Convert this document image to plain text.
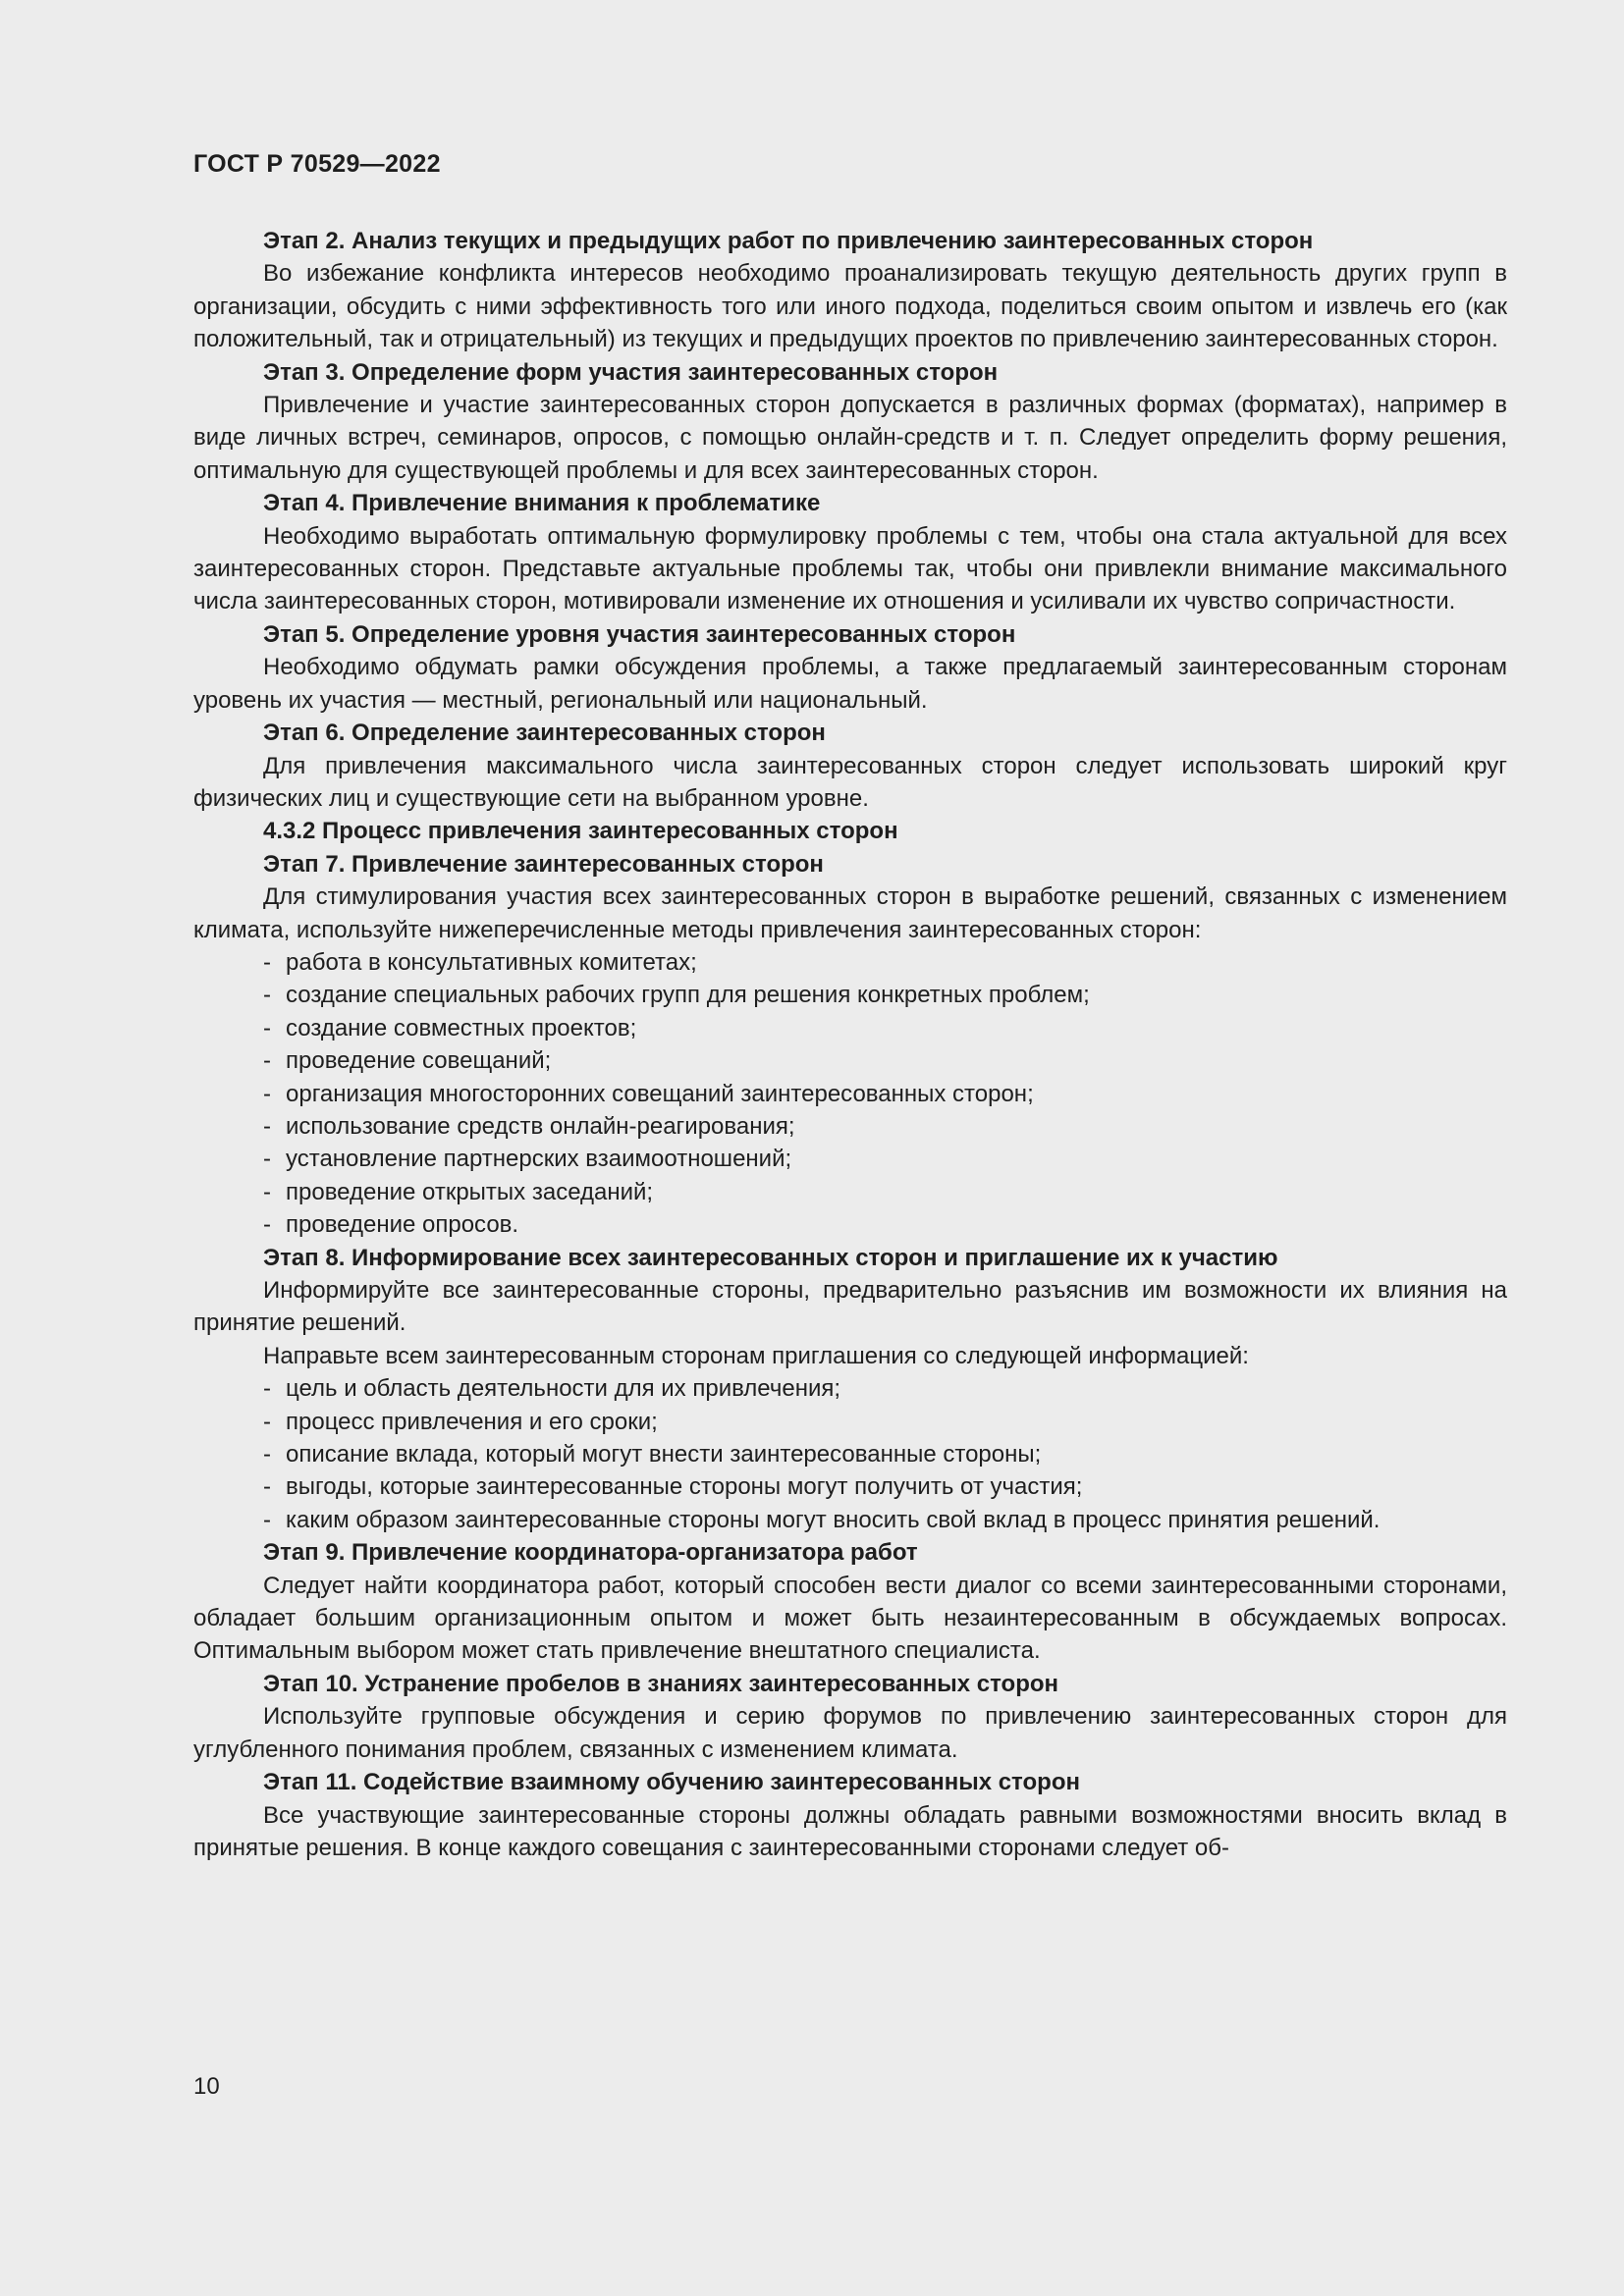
ГОСТ Р 70529—2022

Этап 2. Анализ текущих и предыдущих работ по привлечению заинтересованных сторон

Во избежание конфликта интересов необходимо проанализировать текущую деятельность других групп в организации, обсудить с ними эффективность того или иного подхода, поделиться своим опытом и извлечь его (как положительный, так и отрицательный) из текущих и предыдущих проектов по привлечению заинтересованных сторон.

Этап 3. Определение форм участия заинтересованных сторон

Привлечение и участие заинтересованных сторон допускается в различных формах (форматах), например в виде личных встреч, семинаров, опросов, с помощью онлайн-средств и т. п. Следует определить форму решения, оптимальную для существующей проблемы и для всех заинтересованных сторон.

Этап 4. Привлечение внимания к проблематике

Необходимо выработать оптимальную формулировку проблемы с тем, чтобы она стала актуальной для всех заинтересованных сторон. Представьте актуальные проблемы так, чтобы они привлекли внимание максимального числа заинтересованных сторон, мотивировали изменение их отношения и усиливали их чувство сопричастности.

Этап 5. Определение уровня участия заинтересованных сторон

Необходимо обдумать рамки обсуждения проблемы, а также предлагаемый заинтересованным сторонам уровень их участия — местный, региональный или национальный.

Этап 6. Определение заинтересованных сторон

Для привлечения максимального числа заинтересованных сторон следует использовать широкий круг физических лиц и существующие сети на выбранном уровне.

4.3.2 Процесс привлечения заинтересованных сторон

Этап 7. Привлечение заинтересованных сторон

Для стимулирования участия всех заинтересованных сторон в выработке решений, связанных с изменением климата, используйте нижеперечисленные методы привлечения заинтересованных сторон:

- работа в консультативных комитетах;
- создание специальных рабочих групп для решения конкретных проблем;
- создание совместных проектов;
- проведение совещаний;
- организация многосторонних совещаний заинтересованных сторон;
- использование средств онлайн-реагирования;
- установление партнерских взаимоотношений;
- проведение открытых заседаний;
- проведение опросов.

Этап 8. Информирование всех заинтересованных сторон и приглашение их к участию

Информируйте все заинтересованные стороны, предварительно разъяснив им возможности их влияния на принятие решений.

Направьте всем заинтересованным сторонам приглашения со следующей информацией:

- цель и область деятельности для их привлечения;
- процесс привлечения и его сроки;
- описание вклада, который могут внести заинтересованные стороны;
- выгоды, которые заинтересованные стороны могут получить от участия;
- каким образом заинтересованные стороны могут вносить свой вклад в процесс принятия решений.

Этап 9. Привлечение координатора-организатора работ

Следует найти координатора работ, который способен вести диалог со всеми заинтересованными сторонами, обладает большим организационным опытом и может быть незаинтересованным в обсуждаемых вопросах. Оптимальным выбором может стать привлечение внештатного специалиста.

Этап 10. Устранение пробелов в знаниях заинтересованных сторон

Используйте групповые обсуждения и серию форумов по привлечению заинтересованных сторон для углубленного понимания проблем, связанных с изменением климата.

Этап 11. Содействие взаимному обучению заинтересованных сторон

Все участвующие заинтересованные стороны должны обладать равными возможностями вносить вклад в принятые решения. В конце каждого совещания с заинтересованными сторонами следует об-

10
